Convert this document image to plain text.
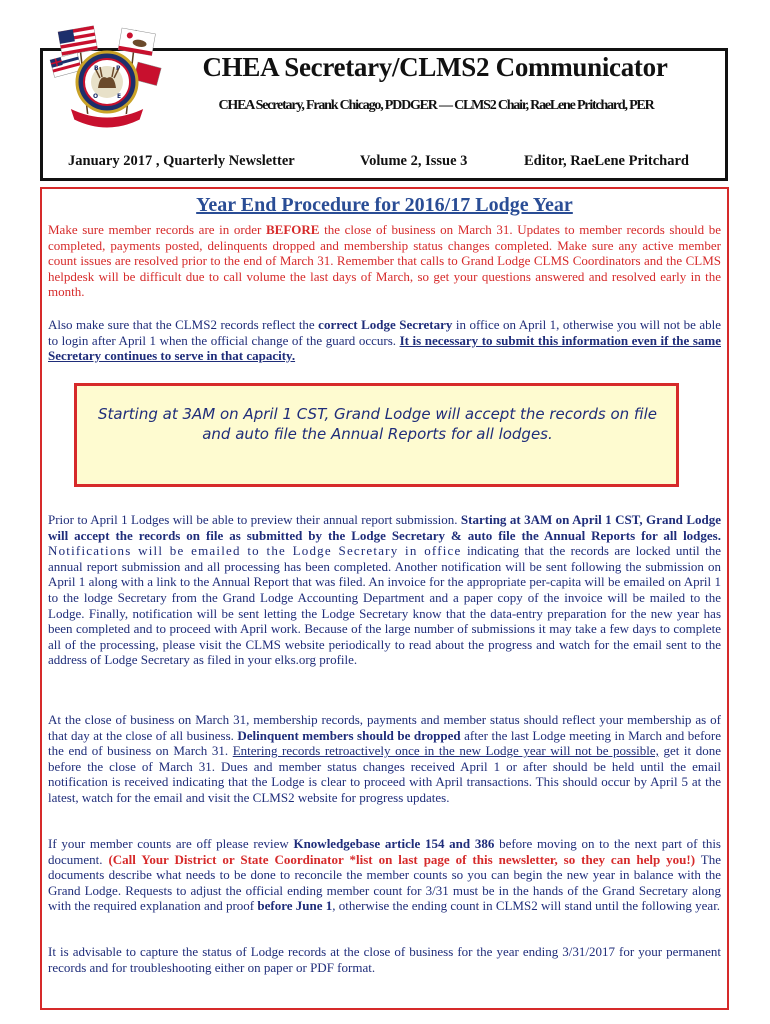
B	P
O	E
CHEA Secretary/CLMS2 Communicator
CHEA Secretary, Frank Chicago, PDDGER — CLMS2 Chair, RaeLene Pritchard, PER
January 2017 , Quarterly Newsletter	Volume 2, Issue 3	Editor, RaeLene Pritchard
Year End Procedure for 2016/17 Lodge Year
Make sure member records are in order BEFORE the close of business on March 31. Updates to member records should be completed, payments posted, delinquents dropped and membership status changes completed. Make sure any active member count issues are resolved prior to the end of March 31. Remember that calls to Grand Lodge CLMS Coordinators and the CLMS helpdesk will be difficult due to call volume the last days of March, so get your questions answered and resolved early in the month.
Also make sure that the CLMS2 records reflect the correct Lodge Secretary in office on April 1, otherwise you will not be able to login after April 1 when the official change of the guard occurs. It is necessary to submit this information even if the same Secretary continues to serve in that capacity.
Starting at 3AM on April 1 CST, Grand Lodge will accept the records on file and auto file the Annual Reports for all lodges.
Prior to April 1 Lodges will be able to preview their annual report submission. Starting at 3AM on April 1 CST, Grand Lodge will accept the records on file as submitted by the Lodge Secretary & auto file the Annual Reports for all lodges. Notifications will be emailed to the Lodge Secretary in office indicating that the records are locked until the annual report submission and all processing has been completed. Another notification will be sent following the submission on April 1 along with a link to the Annual Report that was filed. An invoice for the appropriate per-capita will be emailed on April 1 to the lodge Secretary from the Grand Lodge Accounting Department and a paper copy of the invoice will be mailed to the Lodge. Finally, notification will be sent letting the Lodge Secretary know that the data-entry preparation for the new year has been completed and to proceed with April work. Because of the large number of submissions it may take a few days to complete all of the processing, please visit the CLMS website periodically to read about the progress and watch for the email sent to the address of Lodge Secretary as filed in your elks.org profile.
At the close of business on March 31, membership records, payments and member status should reflect your membership as of that day at the close of all business. Delinquent members should be dropped after the last Lodge meeting in March and before the end of business on March 31. Entering records retroactively once in the new Lodge year will not be possible, get it done before the close of March 31. Dues and member status changes received April 1 or after should be held until the email notification is received indicating that the Lodge is clear to proceed with April transactions. This should occur by April 5 at the latest, watch for the email and visit the CLMS2 website for progress updates.
If your member counts are off please review Knowledgebase article 154 and 386 before moving on to the next part of this document. (Call Your District or State Coordinator *list on last page of this newsletter, so they can help you!) The documents describe what needs to be done to reconcile the member counts so you can begin the new year in balance with the Grand Lodge. Requests to adjust the official ending member count for 3/31 must be in the hands of the Grand Secretary along with the required explanation and proof before June 1, otherwise the ending count in CLMS2 will stand until the following year.
It is advisable to capture the status of Lodge records at the close of business for the year ending 3/31/2017 for your permanent records and for troubleshooting either on paper or PDF format.
